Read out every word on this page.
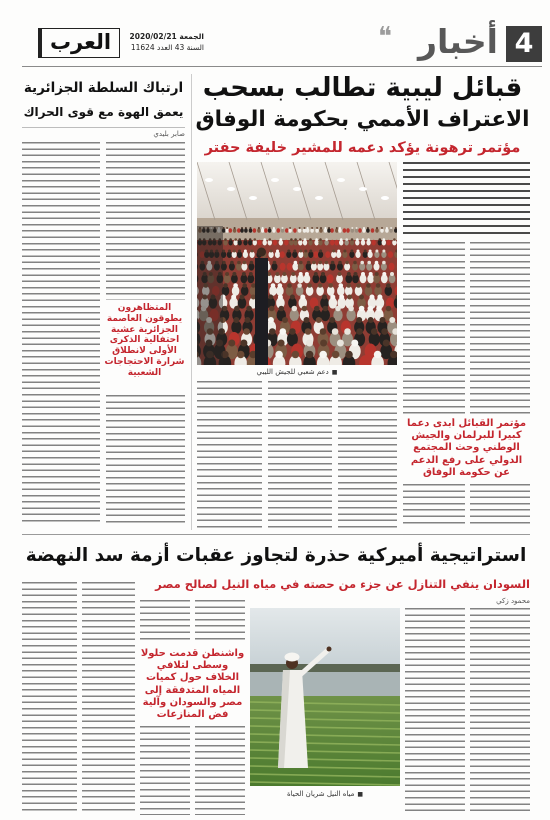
4
أخبار
❝
العرب	الجمعة 2020/02/21
السنة 43 العدد 11624
ارتباك السلطة الجزائرية
يعمق الهوة مع قوى الحراك
صابر بليدي
المتظاهرون يطوقون العاصمة الجزائرية عشية احتفالية الذكرى الأولى لانطلاق شرارة الاحتجاجات الشعبية
قبائل ليبية تطالب بسحب
الاعتراف الأممي بحكومة الوفاق
مؤتمر ترهونة يؤكد دعمه للمشير خليفة حفتر
■دعم شعبي للجيش الليبي
مؤتمر القبائل أبدى دعما كبيرا للبرلمان والجيش الوطني وحث المجتمع الدولي على رفع الدعم عن حكومة الوفاق
استراتيجية أميركية حذرة لتجاوز عقبات أزمة سد النهضة
السودان ينفي التنازل عن جزء من حصته في مياه النيل لصالح مصر
محمود زكي
■مياه النيل شريان الحياة
واشنطن قدمت حلولا وسطى لتلافي الخلاف حول كميات المياه المتدفقة إلى مصر والسودان وآلية فض المنازعات
